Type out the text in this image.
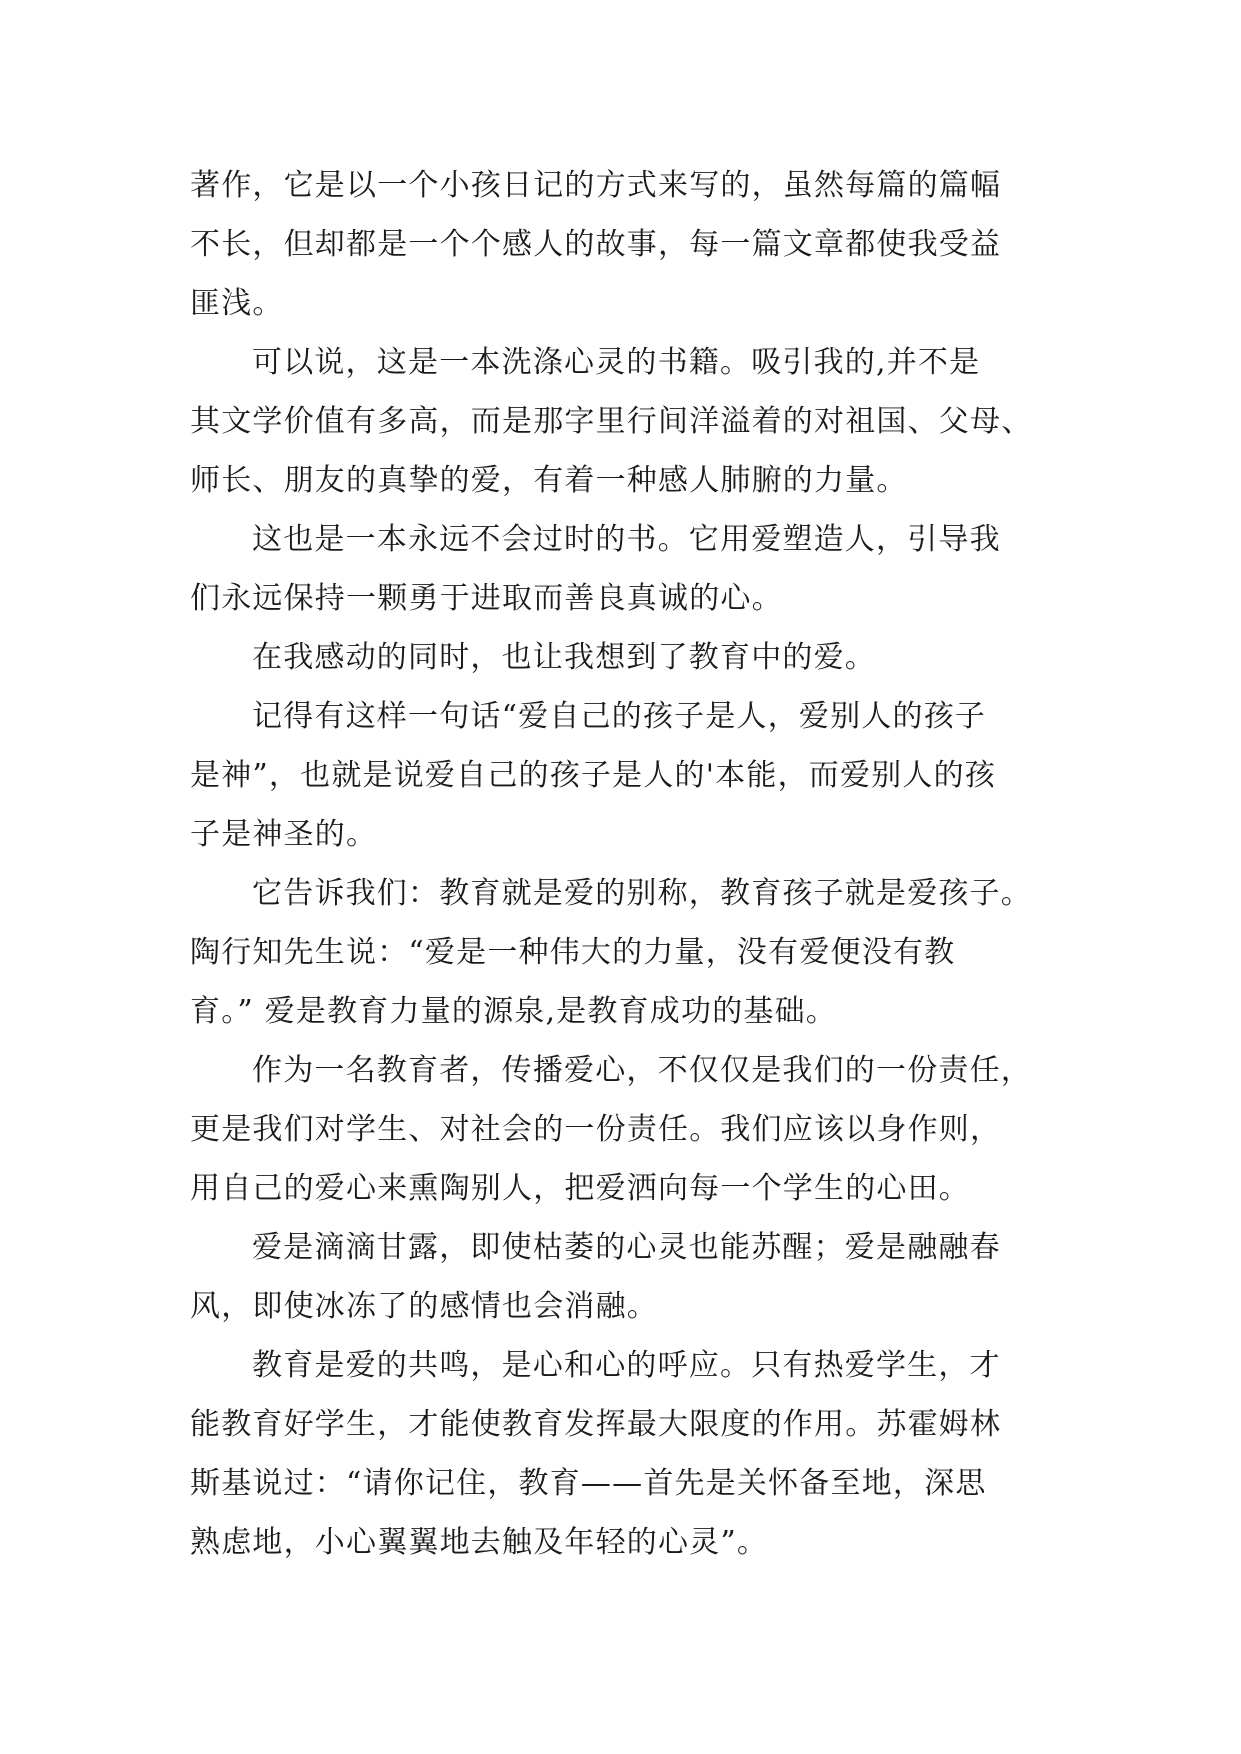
著作，它是以一个小孩日记的方式来写的，虽然每篇的篇幅
不长，但却都是一个个感人的故事，每一篇文章都使我受益
匪浅。
可以说，这是一本洗涤心灵的书籍。吸引我的,并不是
其文学价值有多高，而是那字里行间洋溢着的对祖国、父母、
师长、朋友的真挚的爱，有着一种感人肺腑的力量。
这也是一本永远不会过时的书。它用爱塑造人，引导我
们永远保持一颗勇于进取而善良真诚的心。
在我感动的同时，也让我想到了教育中的爱。
记得有这样一句话“爱自己的孩子是人，爱别人的孩子
是神”，也就是说爱自己的孩子是人的'本能，而爱别人的孩
子是神圣的。
它告诉我们：教育就是爱的别称，教育孩子就是爱孩子。
陶行知先生说：“爱是一种伟大的力量，没有爱便没有教
育。” 爱是教育力量的源泉,是教育成功的基础。
作为一名教育者，传播爱心，不仅仅是我们的一份责任，
更是我们对学生、对社会的一份责任。我们应该以身作则，
用自己的爱心来熏陶别人，把爱洒向每一个学生的心田。
爱是滴滴甘露，即使枯萎的心灵也能苏醒；爱是融融春
风，即使冰冻了的感情也会消融。
教育是爱的共鸣，是心和心的呼应。只有热爱学生，才
能教育好学生，才能使教育发挥最大限度的作用。苏霍姆林
斯基说过：“请你记住，教育——首先是关怀备至地，深思
熟虑地，小心翼翼地去触及年轻的心灵”。
